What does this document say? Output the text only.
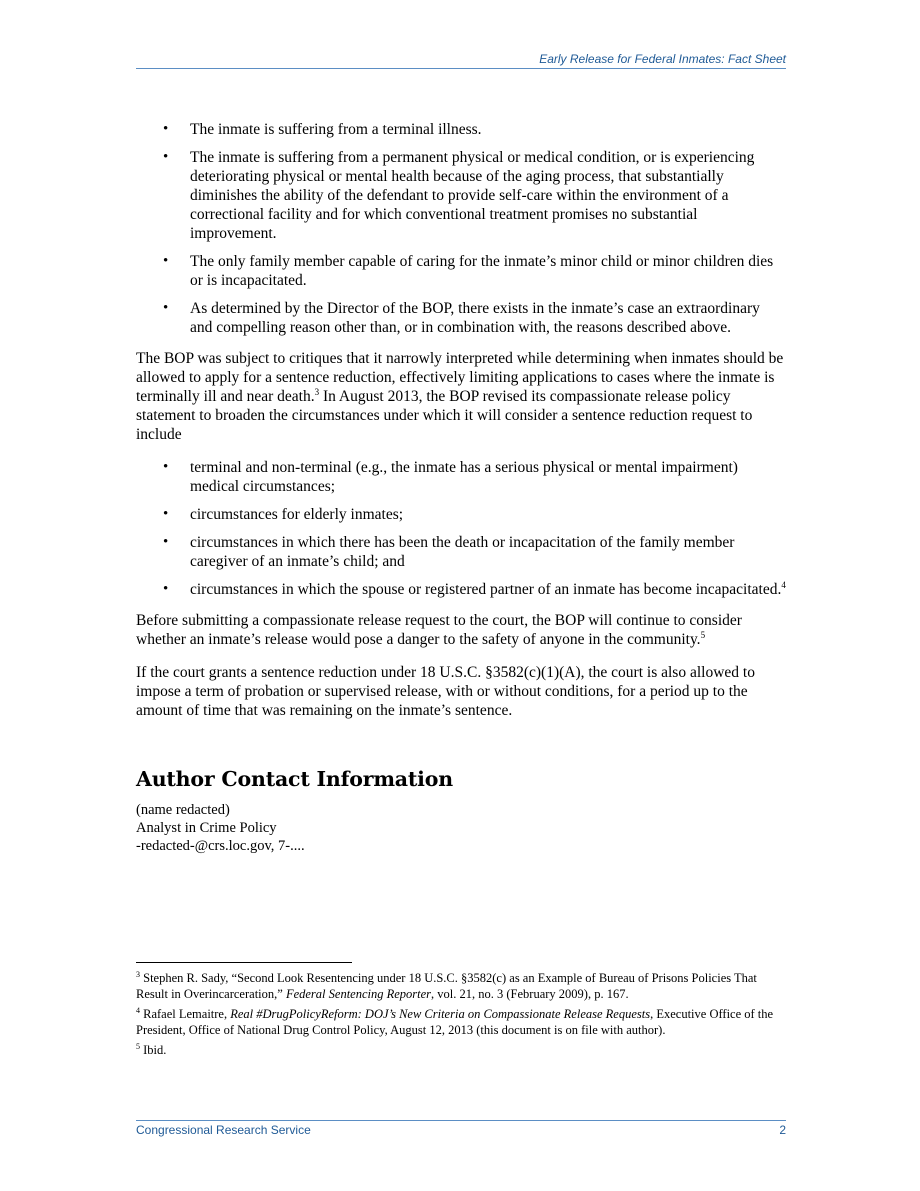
Early Release for Federal Inmates: Fact Sheet
• The inmate is suffering from a terminal illness.
• The inmate is suffering from a permanent physical or medical condition, or is experiencing deteriorating physical or mental health because of the aging process, that substantially diminishes the ability of the defendant to provide self-care within the environment of a correctional facility and for which conventional treatment promises no substantial improvement.
• The only family member capable of caring for the inmate’s minor child or minor children dies or is incapacitated.
• As determined by the Director of the BOP, there exists in the inmate’s case an extraordinary and compelling reason other than, or in combination with, the reasons described above.

The BOP was subject to critiques that it narrowly interpreted while determining when inmates should be allowed to apply for a sentence reduction, effectively limiting applications to cases where the inmate is terminally ill and near death.$^3$ In August 2013, the BOP revised its compassionate release policy statement to broaden the circumstances under which it will consider a sentence reduction request to include

• terminal and non-terminal (e.g., the inmate has a serious physical or mental impairment) medical circumstances;
• circumstances for elderly inmates;
• circumstances in which there has been the death or incapacitation of the family member caregiver of an inmate’s child; and
• circumstances in which the spouse or registered partner of an inmate has become incapacitated.$^4$

Before submitting a compassionate release request to the court, the BOP will continue to consider whether an inmate’s release would pose a danger to the safety of anyone in the community.$^5$

If the court grants a sentence reduction under 18 U.S.C. §3582(c)(1)(A), the court is also allowed to impose a term of probation or supervised release, with or without conditions, for a period up to the amount of time that was remaining on the inmate’s sentence.

Author Contact Information
(name redacted)
Analyst in Crime Policy
-redacted-@crs.loc.gov, 7-....
$^3$ Stephen R. Sady, “Second Look Resentencing under 18 U.S.C. §3582(c) as an Example of Bureau of Prisons Policies That Result in Overincarceration,” Federal Sentencing Reporter, vol. 21, no. 3 (February 2009), p. 167.
$^4$ Rafael Lemaitre, Real #DrugPolicyReform: DOJ’s New Criteria on Compassionate Release Requests, Executive Office of the President, Office of National Drug Control Policy, August 12, 2013 (this document is on file with author).
$^5$ Ibid.
Congressional Research Service	2
